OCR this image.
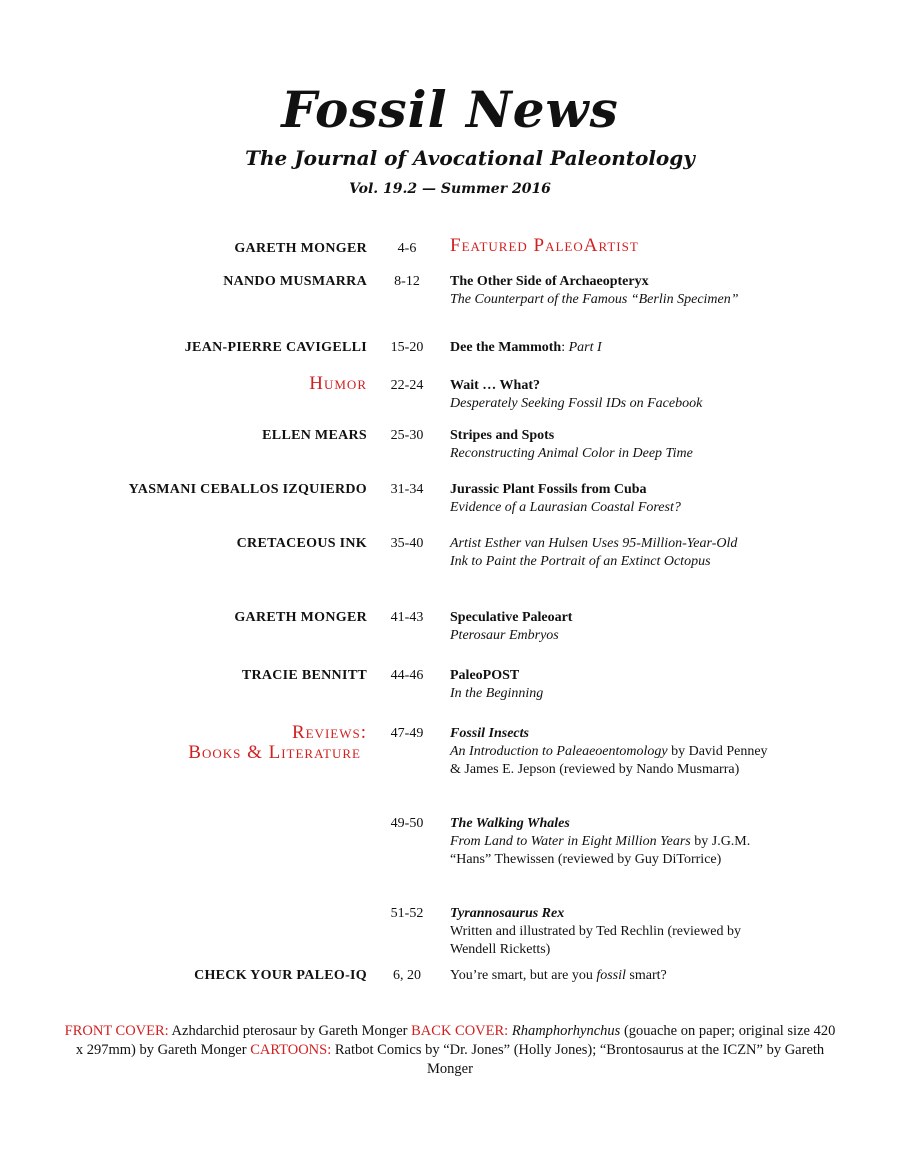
Fossil News
The Journal of Avocational Paleontology
Vol. 19.2 — Summer 2016
GARETH MONGER	4-6	Featured PaleoArtist
NANDO MUSMARRA	8-12	The Other Side of Archaeopteryx
The Counterpart of the Famous “Berlin Specimen”
JEAN-PIERRE CAVIGELLI	15-20	Dee the Mammoth: Part I
Humor	22-24	Wait … What?
Desperately Seeking Fossil IDs on Facebook
ELLEN MEARS	25-30	Stripes and Spots
Reconstructing Animal Color in Deep Time
YASMANI CEBALLOS IZQUIERDO	31-34	Jurassic Plant Fossils from Cuba
Evidence of a Laurasian Coastal Forest?
CRETACEOUS INK	35-40	Artist Esther van Hulsen Uses 95-Million-Year-Old Ink to Paint the Portrait of an Extinct Octopus
GARETH MONGER	41-43	Speculative Paleoart
Pterosaur Embryos
TRACIE BENNITT	44-46	PaleoPOST
In the Beginning
Reviews:
Books & Literature
47-49	Fossil Insects
An Introduction to Paleaeoentomology by David Penney & James E. Jepson (reviewed by Nando Musmarra)
49-50	The Walking Whales
From Land to Water in Eight Million Years by J.G.M. “Hans” Thewissen (reviewed by Guy DiTorrice)
51-52	Tyrannosaurus Rex
Written and illustrated by Ted Rechlin (reviewed by Wendell Ricketts)
CHECK YOUR PALEO-IQ	6, 20	You’re smart, but are you fossil smart?
FRONT COVER: Azhdarchid pterosaur by Gareth Monger BACK COVER: Rhamphorhynchus (gouache on paper; original size 420 x 297mm) by Gareth Monger CARTOONS: Ratbot Comics by “Dr. Jones” (Holly Jones); “Brontosaurus at the ICZN” by Gareth Monger
